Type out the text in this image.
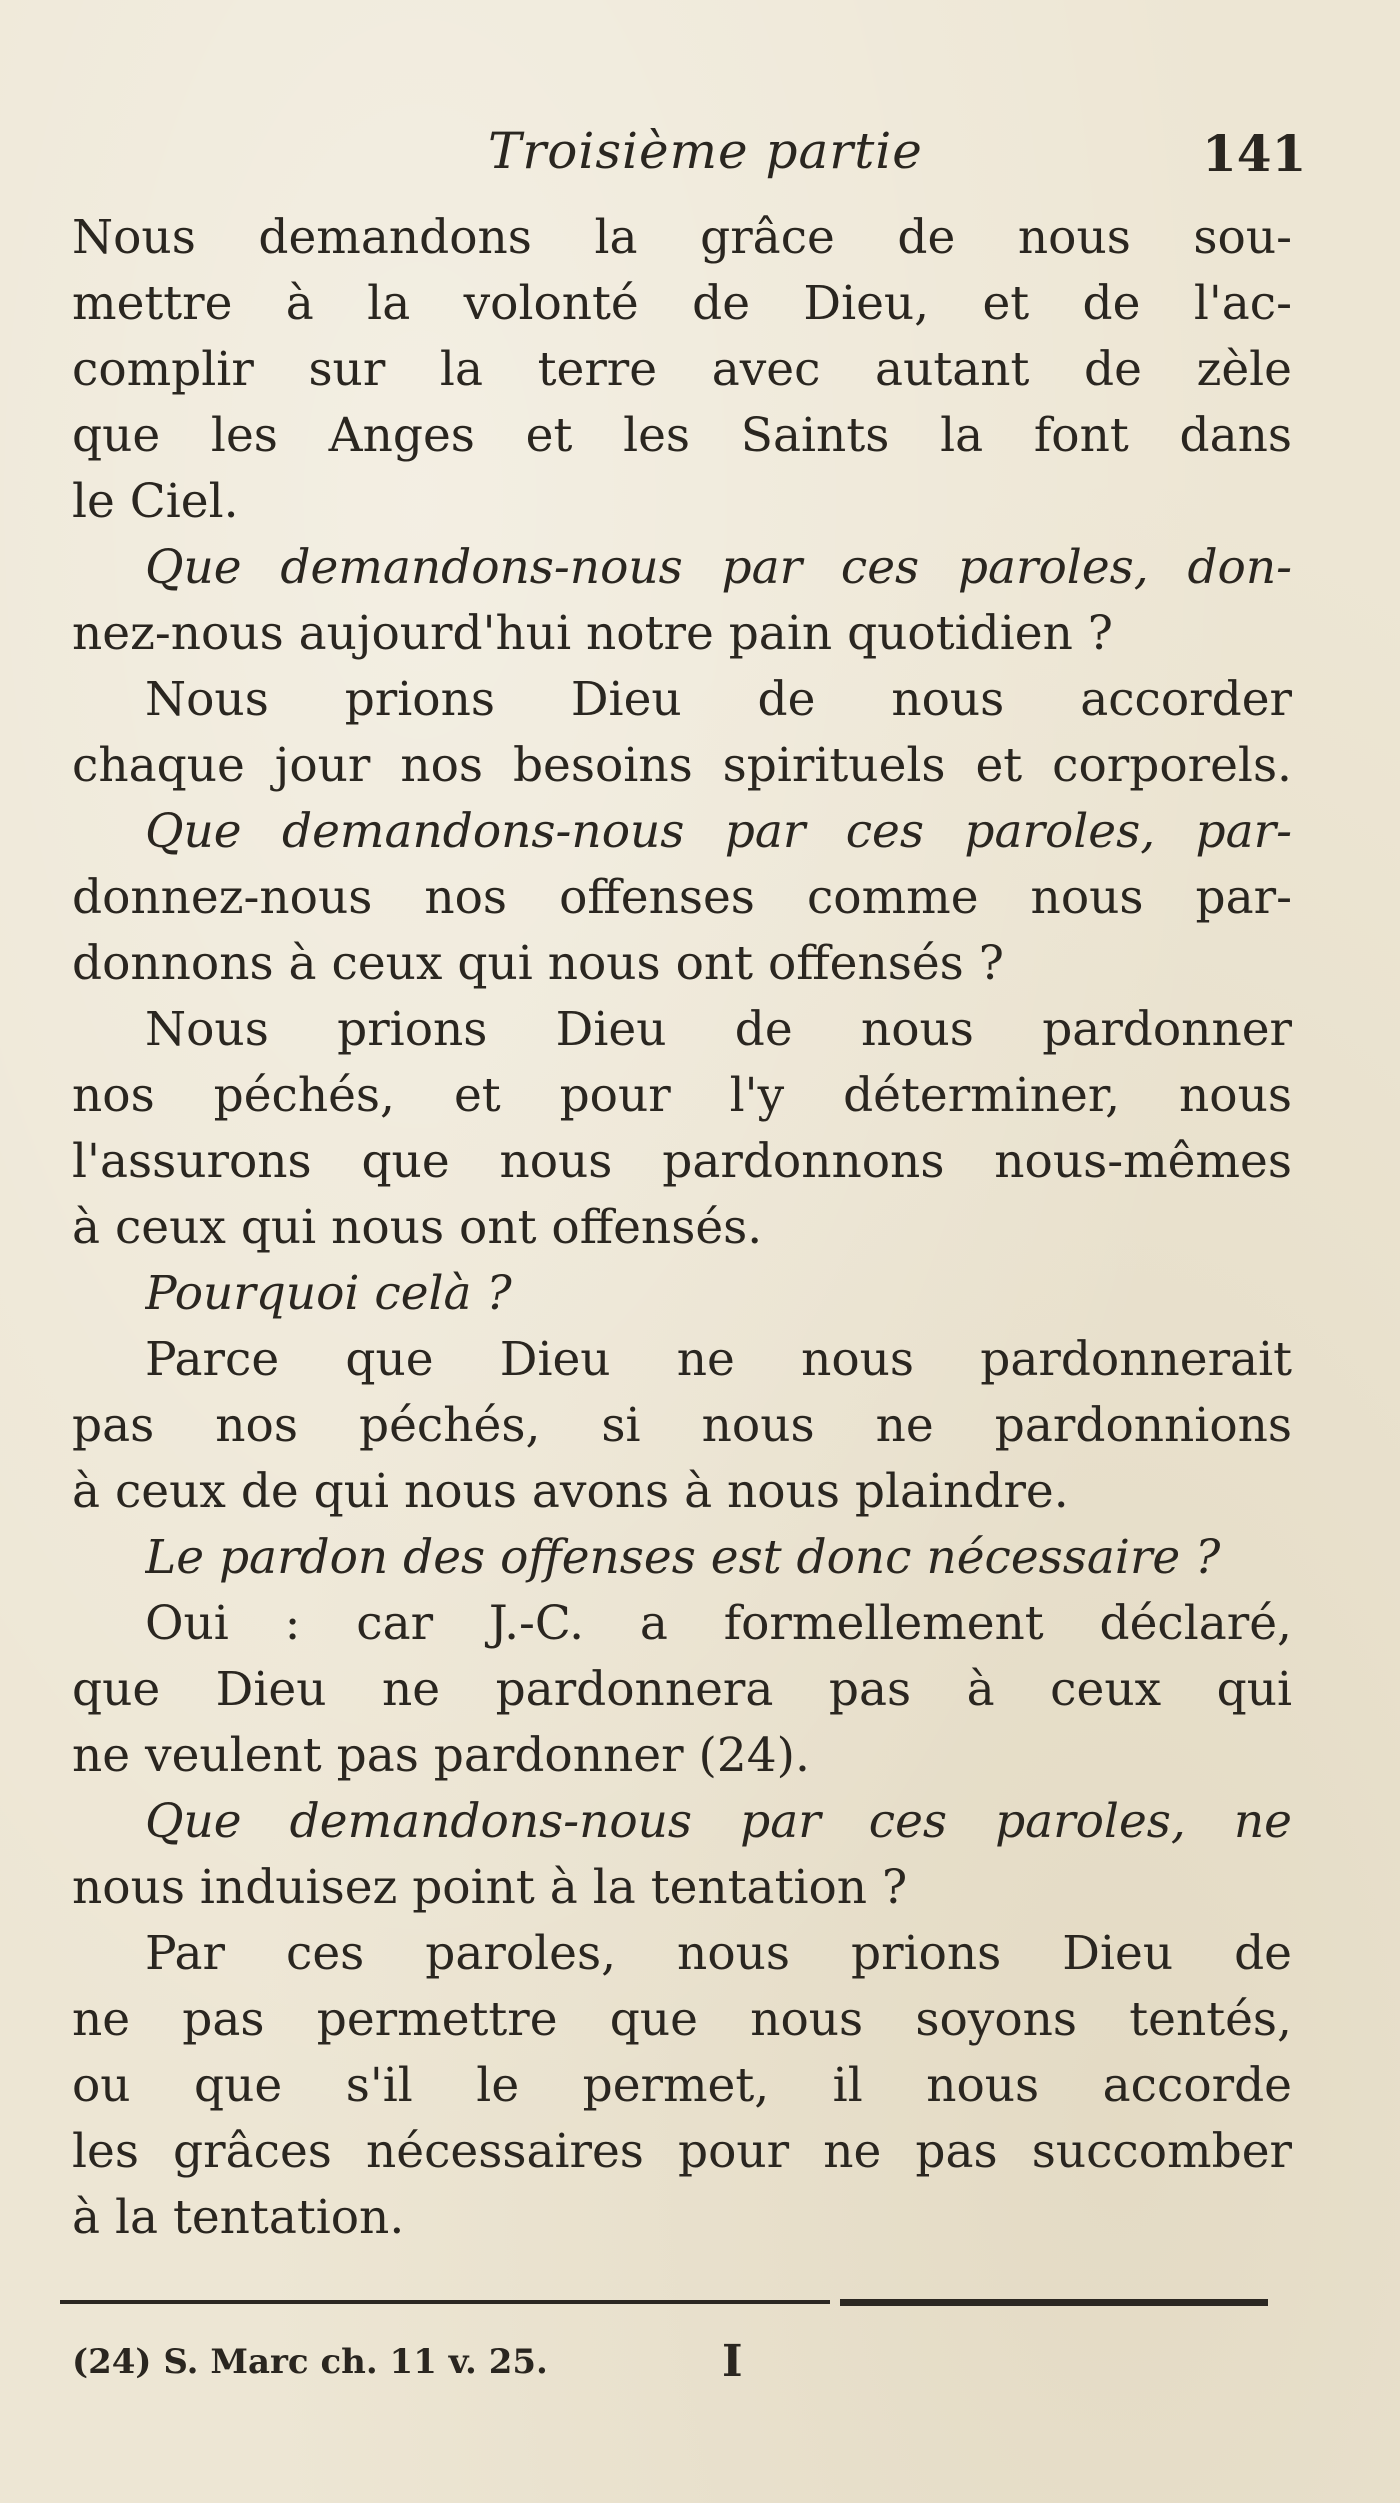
Troisième partie	141
Nous demandons la grâce de nous sou-
mettre à la volonté de Dieu, et de l'ac-
complir sur la terre avec autant de zèle
que les Anges et les Saints la font dans
le Ciel.
Que demandons-nous par ces paroles, don-
nez-nous aujourd'hui notre pain quotidien ?
Nous prions Dieu de nous accorder
chaque jour nos besoins spirituels et corporels.
Que demandons-nous par ces paroles, par-
donnez-nous nos offenses comme nous par-
donnons à ceux qui nous ont offensés ?
Nous prions Dieu de nous pardonner
nos péchés, et pour l'y déterminer, nous
l'assurons que nous pardonnons nous-mêmes
à ceux qui nous ont offensés.
Pourquoi celà ?
Parce que Dieu ne nous pardonnerait
pas nos péchés, si nous ne pardonnions
à ceux de qui nous avons à nous plaindre.
Le pardon des offenses est donc nécessaire ?
Oui : car J.-C. a formellement déclaré,
que Dieu ne pardonnera pas à ceux qui
ne veulent pas pardonner (24).
Que demandons-nous par ces paroles, ne
nous induisez point à la tentation ?
Par ces paroles, nous prions Dieu de
ne pas permettre que nous soyons tentés,
ou que s'il le permet, il nous accorde
les grâces nécessaires pour ne pas succomber
à la tentation.
(24) S. Marc ch. 11 v. 25.	I
